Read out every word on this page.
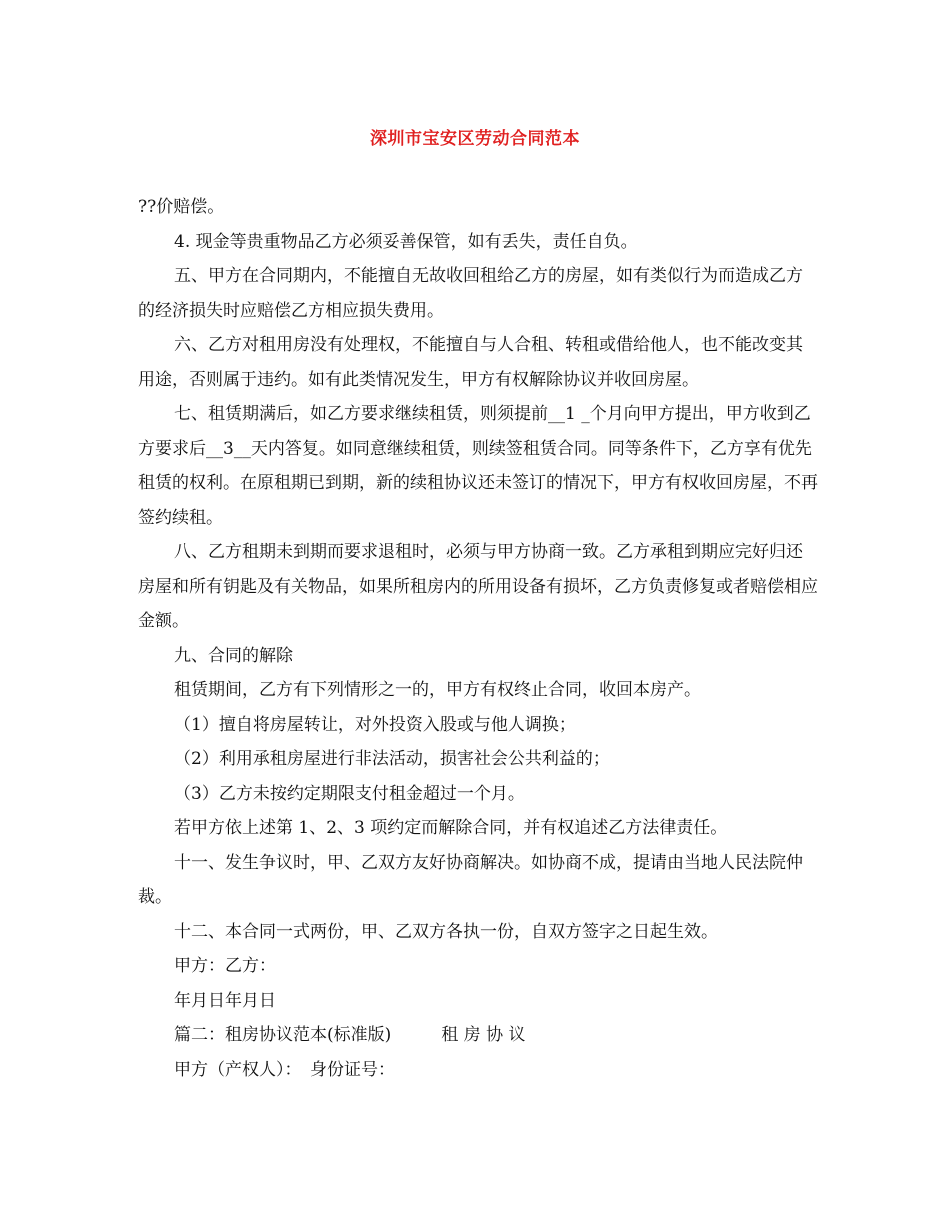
深圳市宝安区劳动合同范本

??价赔偿。

4. 现金等贵重物品乙方必须妥善保管，如有丢失，责任自负。

五、甲方在合同期内，不能擅自无故收回租给乙方的房屋，如有类似行为而造成乙方的经济损失时应赔偿乙方相应损失费用。

六、乙方对租用房没有处理权，不能擅自与人合租、转租或借给他人，也不能改变其用途，否则属于违约。如有此类情况发生，甲方有权解除协议并收回房屋。

七、租赁期满后，如乙方要求继续租赁，则须提前__1 _个月向甲方提出，甲方收到乙方要求后__3__天内答复。如同意继续租赁，则续签租赁合同。同等条件下，乙方享有优先租赁的权利。在原租期已到期，新的续租协议还未签订的情况下，甲方有权收回房屋，不再签约续租。

八、乙方租期未到期而要求退租时，必须与甲方协商一致。乙方承租到期应完好归还房屋和所有钥匙及有关物品，如果所租房内的所用设备有损坏，乙方负责修复或者赔偿相应金额。

九、合同的解除

租赁期间，乙方有下列情形之一的，甲方有权终止合同，收回本房产。

（1）擅自将房屋转让，对外投资入股或与他人调换；

（2）利用承租房屋进行非法活动，损害社会公共利益的；

（3）乙方未按约定期限支付租金超过一个月。

若甲方依上述第 1、2、3 项约定而解除合同，并有权追述乙方法律责任。

十一、发生争议时，甲、乙双方友好协商解决。如协商不成，提请由当地人民法院仲裁。

十二、本合同一式两份，甲、乙双方各执一份，自双方签字之日起生效。

甲方：乙方：

年月日年月日

篇二：租房协议范本(标准版)	租 房 协 议

甲方（产权人）：　身份证号：
